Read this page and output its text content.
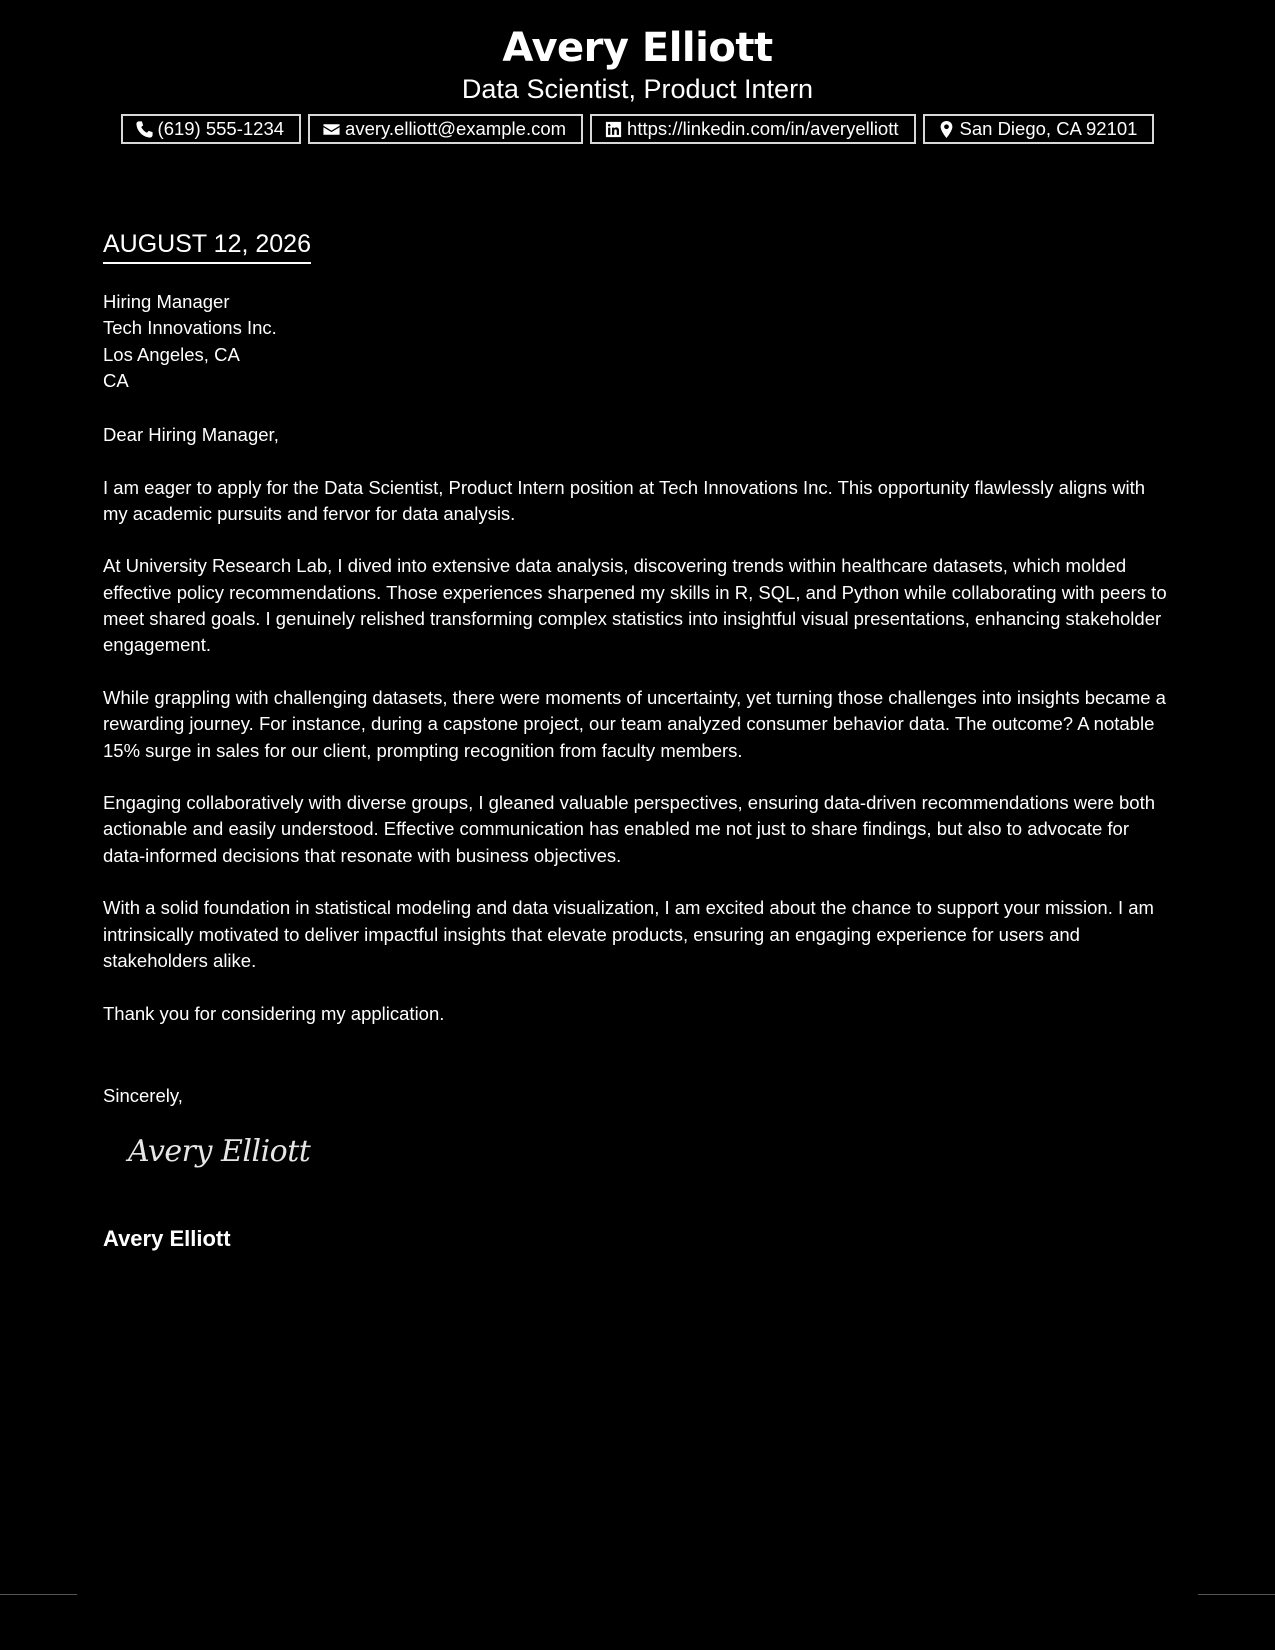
Avery Elliott
Data Scientist, Product Intern
(619) 555-1234	avery.elliott@example.com	https://linkedin.com/in/averyelliott	San Diego, CA 92101
AUGUST 12, 2026
Hiring Manager
Tech Innovations Inc.
Los Angeles, CA
CA

Dear Hiring Manager,

I am eager to apply for the Data Scientist, Product Intern position at Tech Innovations Inc. This opportunity flawlessly aligns with my academic pursuits and fervor for data analysis.

At University Research Lab, I dived into extensive data analysis, discovering trends within healthcare datasets, which molded effective policy recommendations. Those experiences sharpened my skills in R, SQL, and Python while collaborating with peers to meet shared goals. I genuinely relished transforming complex statistics into insightful visual presentations, enhancing stakeholder engagement.

While grappling with challenging datasets, there were moments of uncertainty, yet turning those challenges into insights became a rewarding journey. For instance, during a capstone project, our team analyzed consumer behavior data. The outcome? A notable 15% surge in sales for our client, prompting recognition from faculty members.

Engaging collaboratively with diverse groups, I gleaned valuable perspectives, ensuring data-driven recommendations were both actionable and easily understood. Effective communication has enabled me not just to share findings, but also to advocate for data-informed decisions that resonate with business objectives.

With a solid foundation in statistical modeling and data visualization, I am excited about the chance to support your mission. I am intrinsically motivated to deliver impactful insights that elevate products, ensuring an engaging experience for users and stakeholders alike.

Thank you for considering my application.

Sincerely,
Avery Elliott
Avery Elliott
